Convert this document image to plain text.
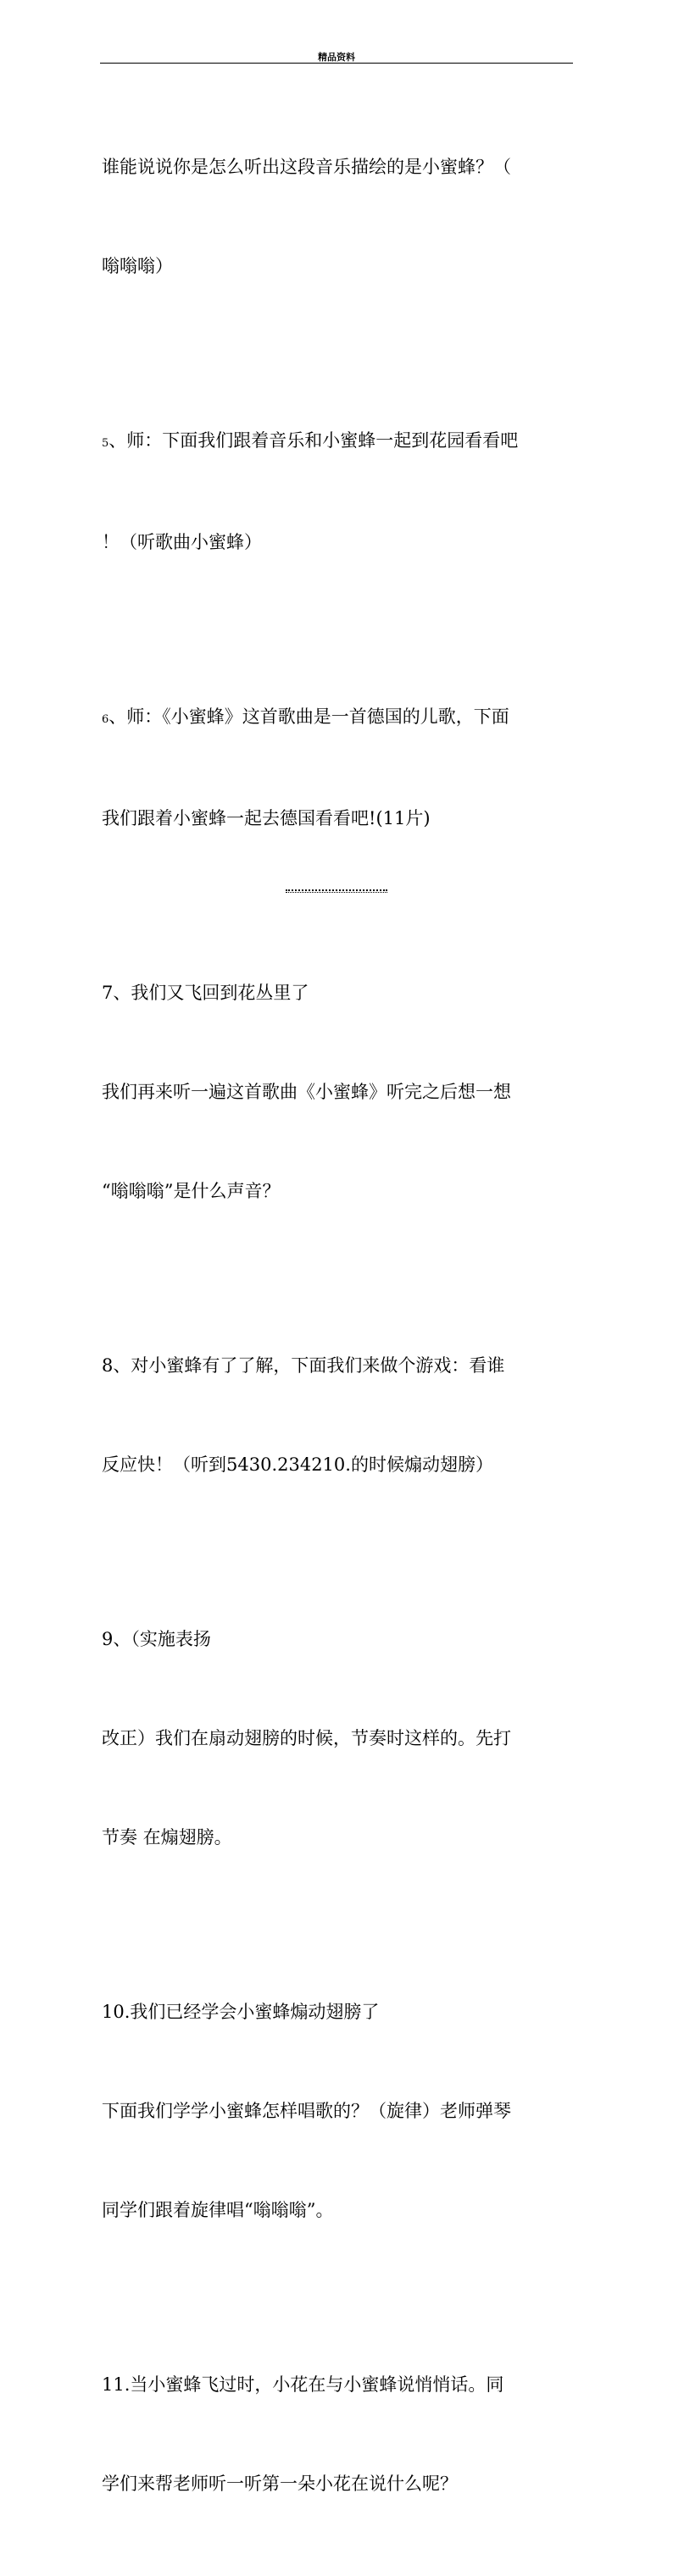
精品资料

谁能说说你是怎么听出这段音乐描绘的是小蜜蜂？（

嗡嗡嗡）

5、师：下面我们跟着音乐和小蜜蜂一起到花园看看吧

！（听歌曲小蜜蜂）

6、师：《小蜜蜂》这首歌曲是一首德国的儿歌，下面

我们跟着小蜜蜂一起去德国看看吧!(11片)

7、我们又飞回到花丛里了

我们再来听一遍这首歌曲《小蜜蜂》听完之后想一想

“嗡嗡嗡”是什么声音？

8、对小蜜蜂有了了解，下面我们来做个游戏：看谁

反应快！（听到5430.234210.的时候煽动翅膀）

9、（实施表扬

改正）我们在扇动翅膀的时候，节奏时这样的。先打

节奏 在煽翅膀。

10.我们已经学会小蜜蜂煽动翅膀了

下面我们学学小蜜蜂怎样唱歌的？（旋律）老师弹琴

同学们跟着旋律唱“嗡嗡嗡”。

11.当小蜜蜂飞过时，小花在与小蜜蜂说悄悄话。同

学们来帮老师听一听第一朵小花在说什么呢？
